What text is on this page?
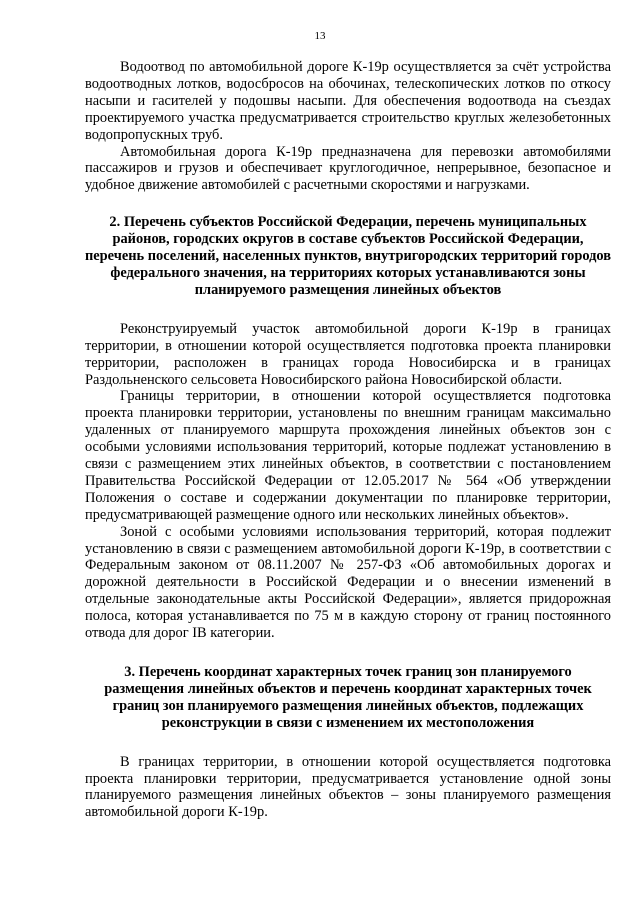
13

Водоотвод по автомобильной дороге К-19р осуществляется за счёт устройства водоотводных лотков, водосбросов на обочинах, телескопических лотков по откосу насыпи и гасителей у подошвы насыпи. Для обеспечения водоотвода на съездах проектируемого участка предусматривается строительство круглых железобетонных водопропускных труб.

Автомобильная дорога К-19р предназначена для перевозки автомобилями пассажиров и грузов и обеспечивает круглогодичное, непрерывное, безопасное и удобное движение автомобилей с расчетными скоростями и нагрузками.

2. Перечень субъектов Российской Федерации, перечень муниципальных районов, городских округов в составе субъектов Российской Федерации, перечень поселений, населенных пунктов, внутригородских территорий городов федерального значения, на территориях которых устанавливаются зоны планируемого размещения линейных объектов

Реконструируемый участок автомобильной дороги К-19р в границах территории, в отношении которой осуществляется подготовка проекта планировки территории, расположен в границах города Новосибирска и в границах Раздольненского сельсовета Новосибирского района Новосибирской области.

Границы территории, в отношении которой осуществляется подготовка проекта планировки территории, установлены по внешним границам максимально удаленных от планируемого маршрута прохождения линейных объектов зон с особыми условиями использования территорий, которые подлежат установлению в связи с размещением этих линейных объектов, в соответствии с постановлением Правительства Российской Федерации от 12.05.2017 № 564 «Об утверждении Положения о составе и содержании документации по планировке территории, предусматривающей размещение одного или нескольких линейных объектов».

Зоной с особыми условиями использования территорий, которая подлежит установлению в связи с размещением автомобильной дороги К-19р, в соответствии с Федеральным законом от 08.11.2007 № 257-ФЗ «Об автомобильных дорогах и дорожной деятельности в Российской Федерации и о внесении изменений в отдельные законодательные акты Российской Федерации», является придорожная полоса, которая устанавливается по 75 м в каждую сторону от границ постоянного отвода для дорог IВ категории.

3. Перечень координат характерных точек границ зон планируемого размещения линейных объектов и перечень координат характерных точек границ зон планируемого размещения линейных объектов, подлежащих реконструкции в связи с изменением их местоположения

В границах территории, в отношении которой осуществляется подготовка проекта планировки территории, предусматривается установление одной зоны планируемого размещения линейных объектов – зоны планируемого размещения автомобильной дороги К-19р.
